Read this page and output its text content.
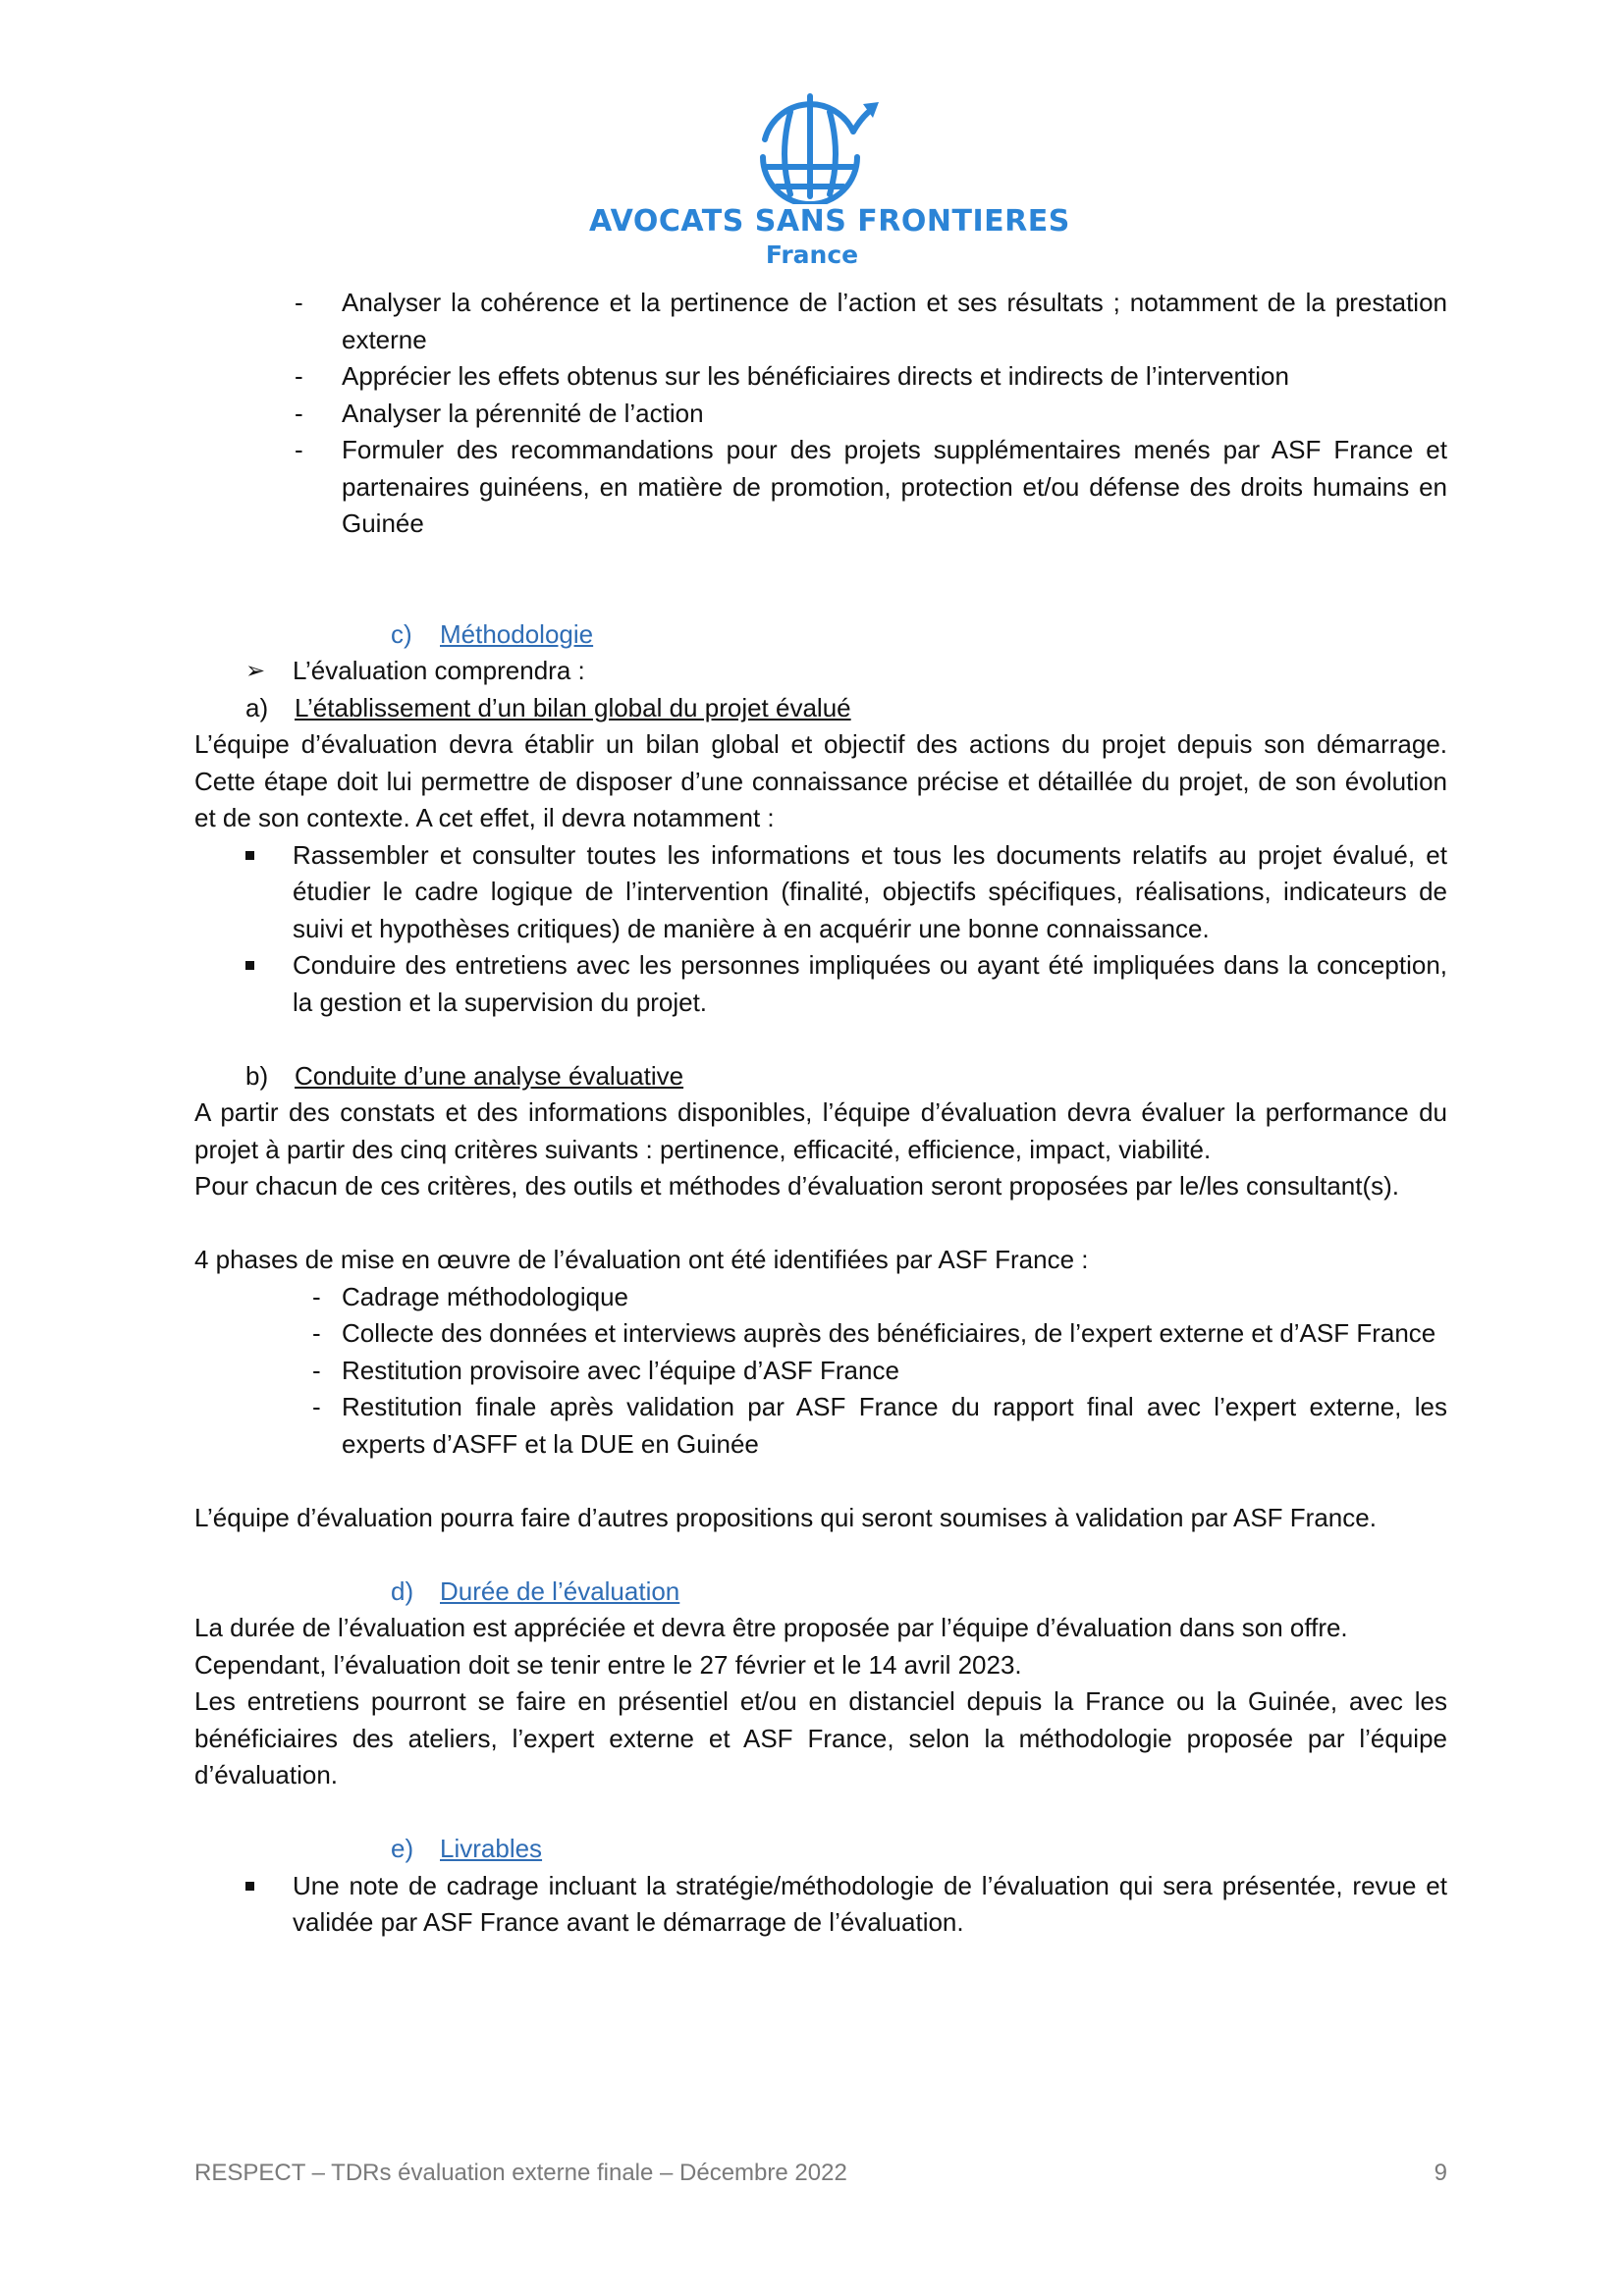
AVOCATS SANS FRONTIERES
France
- Analyser la cohérence et la pertinence de l’action et ses résultats ; notamment de la prestation externe
- Apprécier les effets obtenus sur les bénéficiaires directs et indirects de l’intervention
- Analyser la pérennité de l’action
- Formuler des recommandations pour des projets supplémentaires menés par ASF France et partenaires guinéens, en matière de promotion, protection et/ou défense des droits humains en Guinée

c) Méthodologie

➢ L’évaluation comprendra :

a) L’établissement d’un bilan global du projet évalué

L’équipe d’évaluation devra établir un bilan global et objectif des actions du projet depuis son démarrage. Cette étape doit lui permettre de disposer d’une connaissance précise et détaillée du projet, de son évolution et de son contexte. A cet effet, il devra notamment :

Rassembler et consulter toutes les informations et tous les documents relatifs au projet évalué, et étudier le cadre logique de l’intervention (finalité, objectifs spécifiques, réalisations, indicateurs de suivi et hypothèses critiques) de manière à en acquérir une bonne connaissance.
Conduire des entretiens avec les personnes impliquées ou ayant été impliquées dans la conception, la gestion et la supervision du projet.

b) Conduite d’une analyse évaluative

A partir des constats et des informations disponibles, l’équipe d’évaluation devra évaluer la performance du projet à partir des cinq critères suivants : pertinence, efficacité, efficience, impact, viabilité.

Pour chacun de ces critères, des outils et méthodes d’évaluation seront proposées par le/les consultant(s).

4 phases de mise en œuvre de l’évaluation ont été identifiées par ASF France :

- Cadrage méthodologique
- Collecte des données et interviews auprès des bénéficiaires, de l’expert externe et d’ASF France
- Restitution provisoire avec l’équipe d’ASF France
- Restitution finale après validation par ASF France du rapport final avec l’expert externe, les experts d’ASFF et la DUE en Guinée

L’équipe d’évaluation pourra faire d’autres propositions qui seront soumises à validation par ASF France.

d) Durée de l’évaluation

La durée de l’évaluation est appréciée et devra être proposée par l’équipe d’évaluation dans son offre.

Cependant, l’évaluation doit se tenir entre le 27 février et le 14 avril 2023.

Les entretiens pourront se faire en présentiel et/ou en distanciel depuis la France ou la Guinée, avec les bénéficiaires des ateliers, l’expert externe et ASF France, selon la méthodologie proposée par l’équipe d’évaluation.

e) Livrables

Une note de cadrage incluant la stratégie/méthodologie de l’évaluation qui sera présentée, revue et validée par ASF France avant le démarrage de l’évaluation.
RESPECT – TDRs évaluation externe finale – Décembre 2022	9
